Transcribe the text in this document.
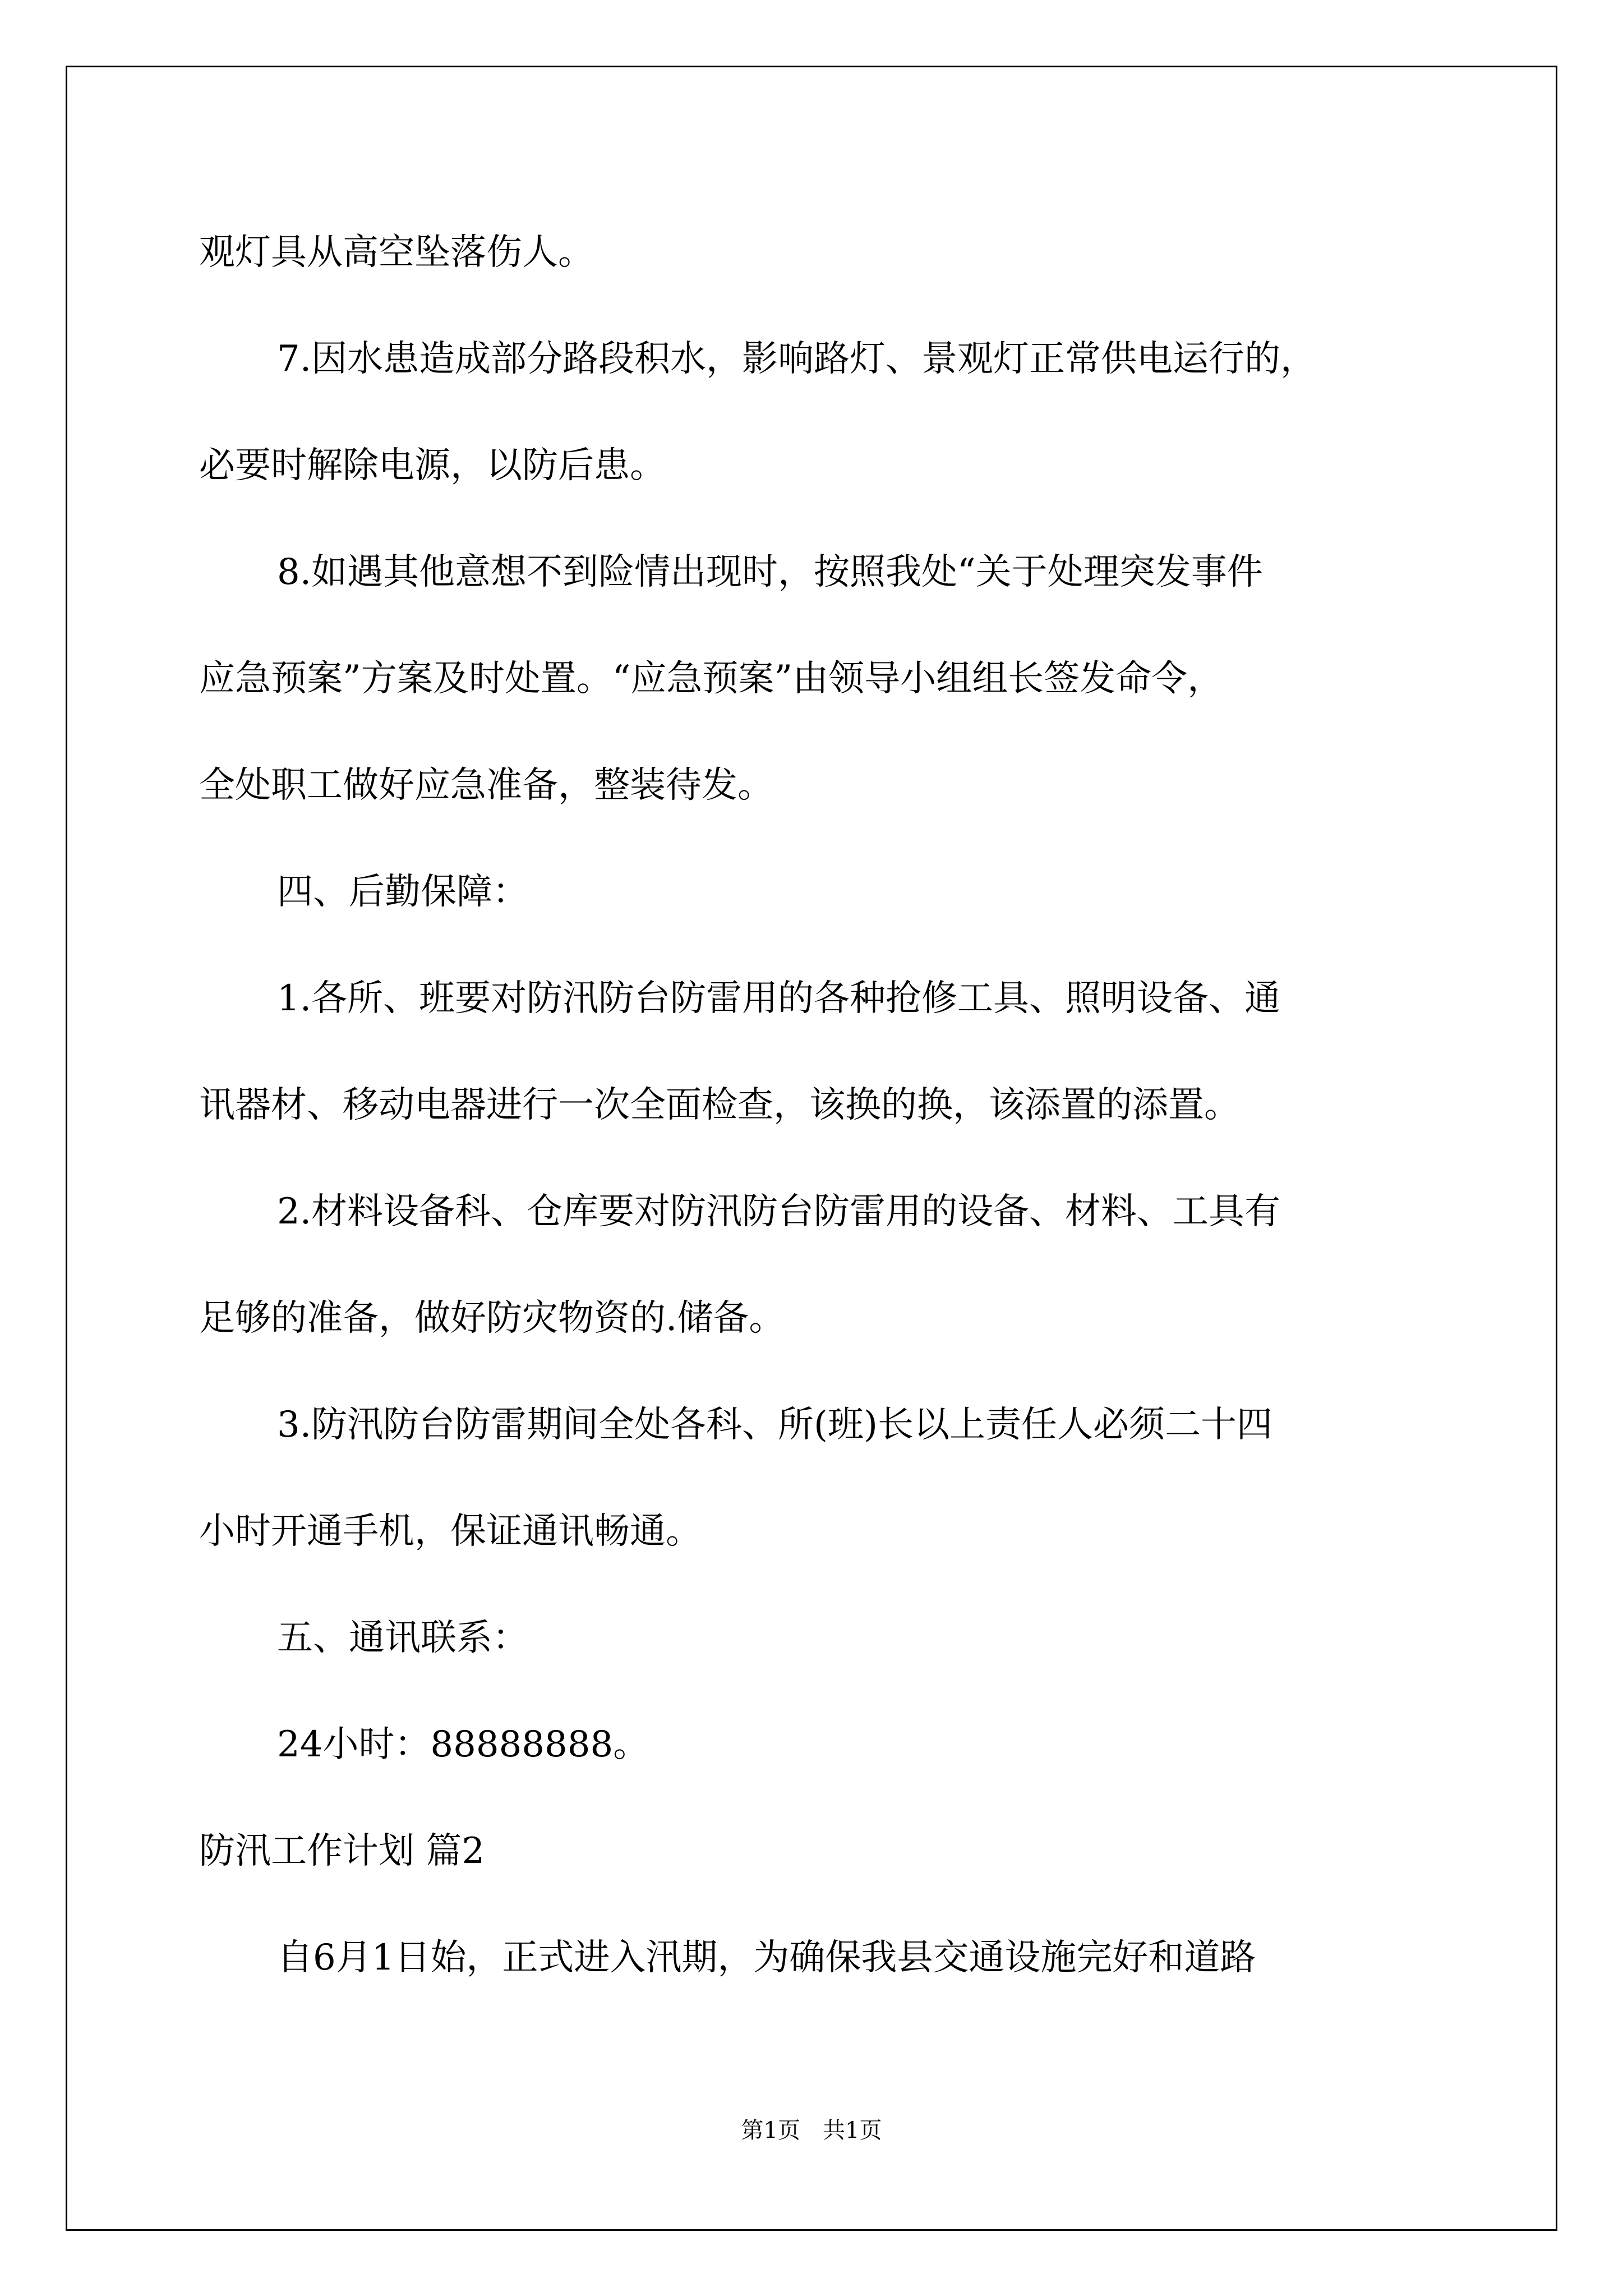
观灯具从高空坠落伤人。
7.因水患造成部分路段积水，影响路灯、景观灯正常供电运行的，
必要时解除电源，以防后患。
8.如遇其他意想不到险情出现时，按照我处“关于处理突发事件
应急预案”方案及时处置。“应急预案”由领导小组组长签发命令，
全处职工做好应急准备，整装待发。
四、后勤保障：
1.各所、班要对防汛防台防雷用的各种抢修工具、照明设备、通
讯器材、移动电器进行一次全面检查，该换的换，该添置的添置。
2.材料设备科、仓库要对防汛防台防雷用的设备、材料、工具有
足够的准备，做好防灾物资的.储备。
3.防汛防台防雷期间全处各科、所(班)长以上责任人必须二十四
小时开通手机，保证通讯畅通。
五、通讯联系：
24小时：88888888。
防汛工作计划 篇2
自6月1日始，正式进入汛期，为确保我县交通设施完好和道路
第1页　共1页
